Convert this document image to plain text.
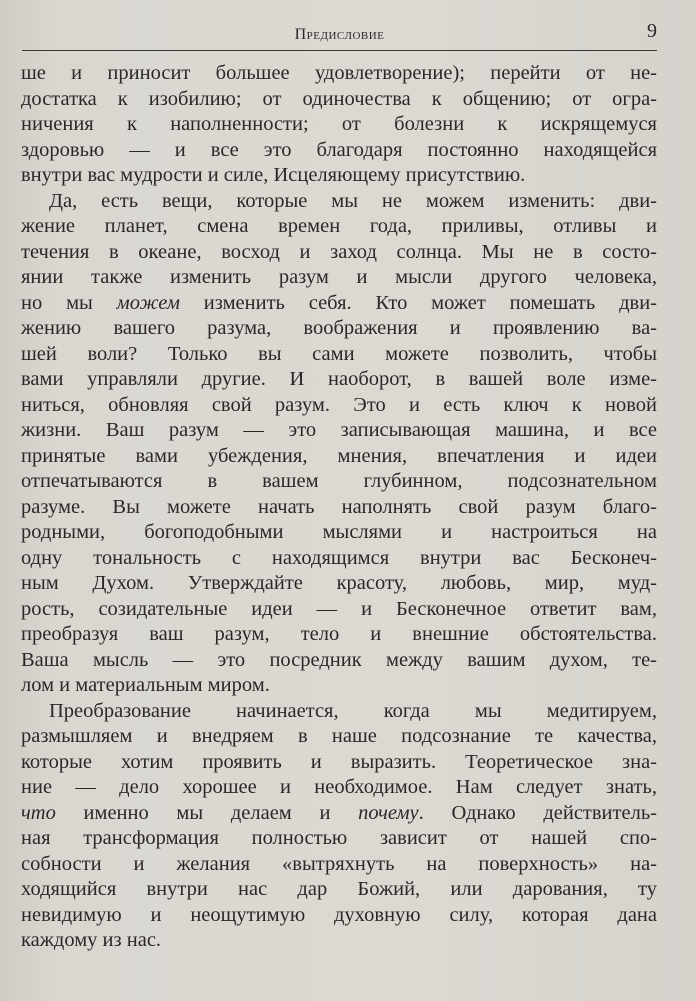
Предисловие	9
ше и приносит большее удовлетворение); перейти от не-
достатка к изобилию; от одиночества к общению; от огра-
ничения к наполненности; от болезни к искрящемуся
здоровью — и все это благодаря постоянно находящейся
внутри вас мудрости и силе, Исцеляющему присутствию.
Да, есть вещи, которые мы не можем изменить: дви-
жение планет, смена времен года, приливы, отливы и
течения в океане, восход и заход солнца. Мы не в состо-
янии также изменить разум и мысли другого человека,
но мы можем изменить себя. Кто может помешать дви-
жению вашего разума, воображения и проявлению ва-
шей воли? Только вы сами можете позволить, чтобы
вами управляли другие. И наоборот, в вашей воле изме-
ниться, обновляя свой разум. Это и есть ключ к новой
жизни. Ваш разум — это записывающая машина, и все
принятые вами убеждения, мнения, впечатления и идеи
отпечатываются в вашем глубинном, подсознательном
разуме. Вы можете начать наполнять свой разум благо-
родными, богоподобными мыслями и настроиться на
одну тональность с находящимся внутри вас Бесконеч-
ным Духом. Утверждайте красоту, любовь, мир, муд-
рость, созидательные идеи — и Бесконечное ответит вам,
преобразуя ваш разум, тело и внешние обстоятельства.
Ваша мысль — это посредник между вашим духом, те-
лом и материальным миром.
Преобразование начинается, когда мы медитируем,
размышляем и внедряем в наше подсознание те качества,
которые хотим проявить и выразить. Теоретическое зна-
ние — дело хорошее и необходимое. Нам следует знать,
что именно мы делаем и почему. Однако действитель-
ная трансформация полностью зависит от нашей спо-
собности и желания «вытряхнуть на поверхность» на-
ходящийся внутри нас дар Божий, или дарования, ту
невидимую и неощутимую духовную силу, которая дана
каждому из нас.
